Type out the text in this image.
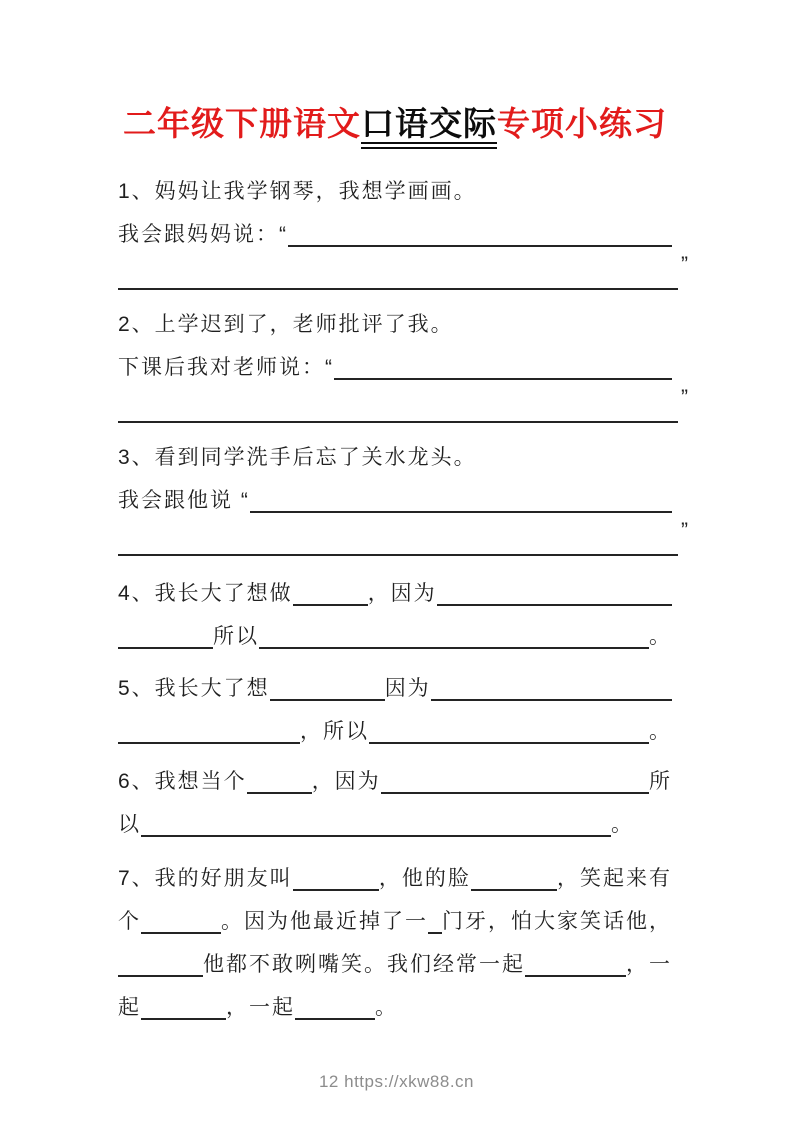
二年级下册语文口语交际专项小练习
1、妈妈让我学钢琴，我想学画画。
我会跟妈妈说：“
”
2、上学迟到了，老师批评了我。
下课后我对老师说：“
”
3、看到同学洗手后忘了关水龙头。
我会跟他说 “
”
4、我长大了想做	，因为
所以	。
5、我长大了想	因为
，所以	。
6、我想当个	，因为	所
以	。
7、我的好朋友叫	，他的脸	，笑起来有
个	。因为他最近掉了一 门牙，怕大家笑话他，
他都不敢咧嘴笑。我们经常一起	，一
起	，一起	。
12 https://xkw88.cn
